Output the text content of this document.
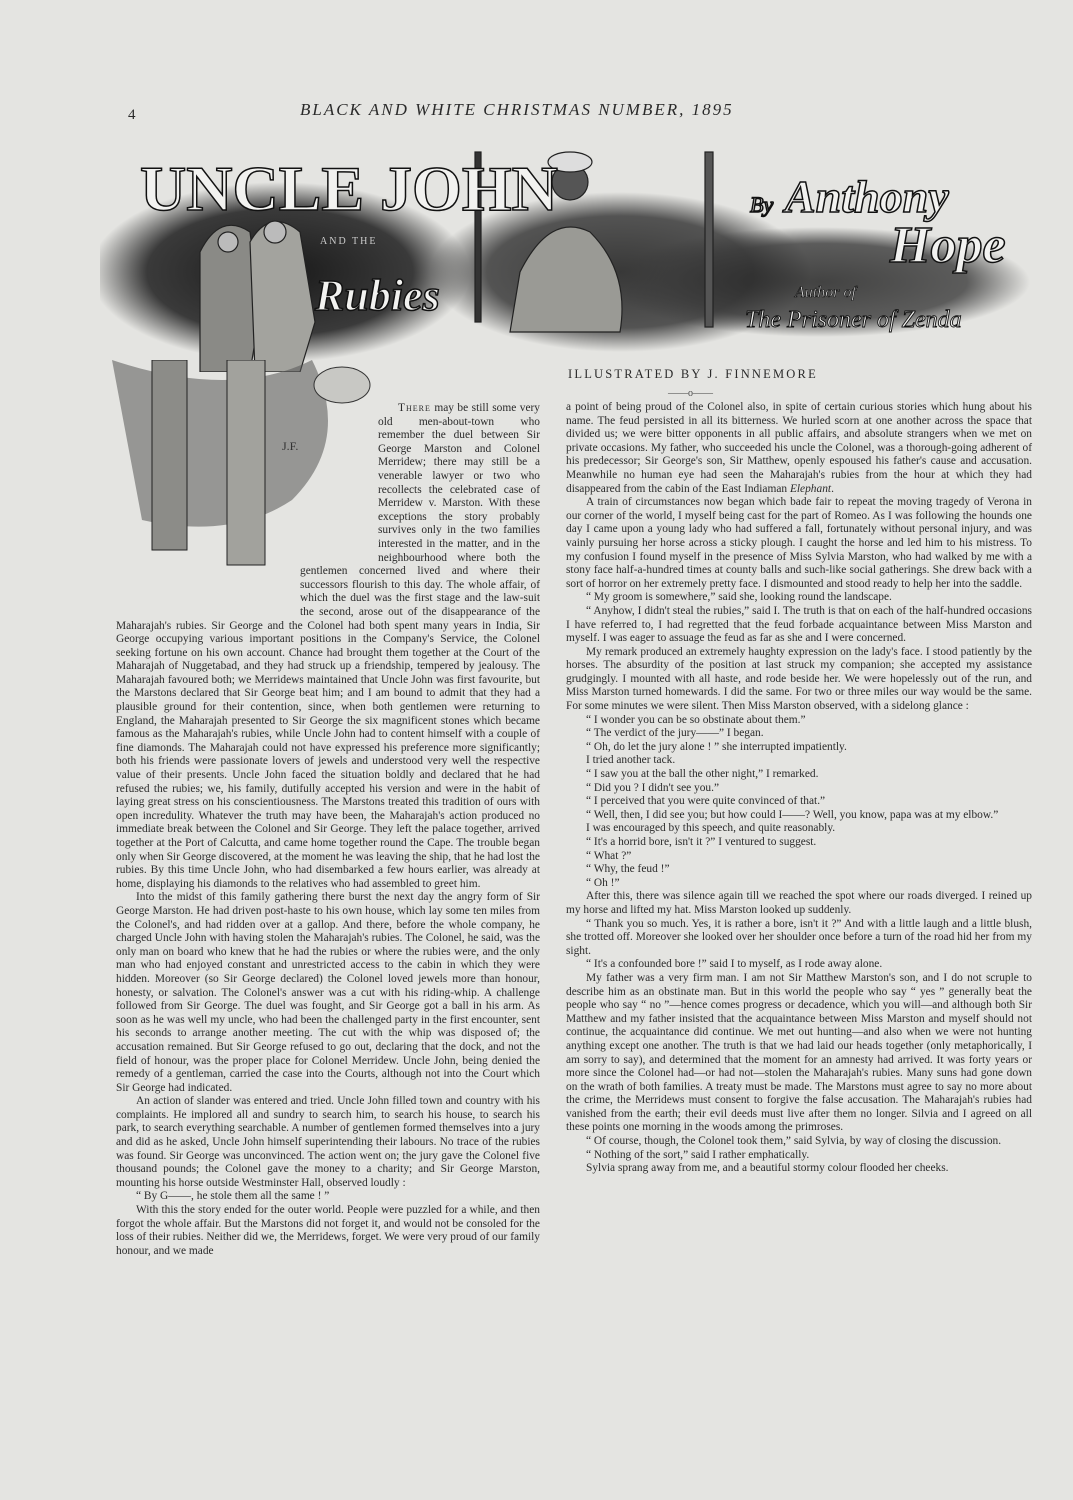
4	BLACK AND WHITE CHRISTMAS NUMBER, 1895
UNCLE JOHN
AND THE
Rubies
By Anthony
Hope
Author of
The Prisoner of Zenda
J.F.
ILLUSTRATED BY J. FINNEMORE
——o——

There may be still some very old men-about-town who remember the duel between Sir George Marston and Colonel Merridew; there may still be a venerable lawyer or two who recollects the celebrated case of Merridew v. Marston. With these exceptions the story probably survives only in the two families interested in the matter, and in the neighbourhood where both the gentlemen concerned lived and where their successors flourish to this day. The whole affair, of which the duel was the first stage and the law-suit the second, arose out of the disappearance of the Maharajah's rubies. Sir George and the Colonel had both spent many years in India, Sir George occupying various important positions in the Company's Service, the Colonel seeking fortune on his own account. Chance had brought them together at the Court of the Maharajah of Nuggetabad, and they had struck up a friendship, tempered by jealousy. The Maharajah favoured both; we Merridews maintained that Uncle John was first favourite, but the Marstons declared that Sir George beat him; and I am bound to admit that they had a plausible ground for their contention, since, when both gentlemen were returning to England, the Maharajah presented to Sir George the six magnificent stones which became famous as the Maharajah's rubies, while Uncle John had to content himself with a couple of fine diamonds. The Maharajah could not have expressed his preference more significantly; both his friends were passionate lovers of jewels and understood very well the respective value of their presents. Uncle John faced the situation boldly and declared that he had refused the rubies; we, his family, dutifully accepted his version and were in the habit of laying great stress on his conscientiousness. The Marstons treated this tradition of ours with open incredulity. Whatever the truth may have been, the Maharajah's action produced no immediate break between the Colonel and Sir George. They left the palace together, arrived together at the Port of Calcutta, and came home together round the Cape. The trouble began only when Sir George discovered, at the moment he was leaving the ship, that he had lost the rubies. By this time Uncle John, who had disembarked a few hours earlier, was already at home, displaying his diamonds to the relatives who had assembled to greet him.

Into the midst of this family gathering there burst the next day the angry form of Sir George Marston. He had driven post-haste to his own house, which lay some ten miles from the Colonel's, and had ridden over at a gallop. And there, before the whole company, he charged Uncle John with having stolen the Maharajah's rubies. The Colonel, he said, was the only man on board who knew that he had the rubies or where the rubies were, and the only man who had enjoyed constant and unrestricted access to the cabin in which they were hidden. Moreover (so Sir George declared) the Colonel loved jewels more than honour, honesty, or salvation. The Colonel's answer was a cut with his riding-whip. A challenge followed from Sir George. The duel was fought, and Sir George got a ball in his arm. As soon as he was well my uncle, who had been the challenged party in the first encounter, sent his seconds to arrange another meeting. The cut with the whip was disposed of; the accusation remained. But Sir George refused to go out, declaring that the dock, and not the field of honour, was the proper place for Colonel Merridew. Uncle John, being denied the remedy of a gentleman, carried the case into the Courts, although not into the Court which Sir George had indicated.

An action of slander was entered and tried. Uncle John filled town and country with his complaints. He implored all and sundry to search him, to search his house, to search his park, to search everything searchable. A number of gentlemen formed themselves into a jury and did as he asked, Uncle John himself superintending their labours. No trace of the rubies was found. Sir George was unconvinced. The action went on; the jury gave the Colonel five thousand pounds; the Colonel gave the money to a charity; and Sir George Marston, mounting his horse outside Westminster Hall, observed loudly :

“ By G——, he stole them all the same ! ”

With this the story ended for the outer world. People were puzzled for a while, and then forgot the whole affair. But the Marstons did not forget it, and would not be consoled for the loss of their rubies. Neither did we, the Merridews, forget. We were very proud of our family honour, and we made

a point of being proud of the Colonel also, in spite of certain curious stories which hung about his name. The feud persisted in all its bitterness. We hurled scorn at one another across the space that divided us; we were bitter opponents in all public affairs, and absolute strangers when we met on private occasions. My father, who succeeded his uncle the Colonel, was a thorough-going adherent of his predecessor; Sir George's son, Sir Matthew, openly espoused his father's cause and accusation. Meanwhile no human eye had seen the Maharajah's rubies from the hour at which they had disappeared from the cabin of the East Indiaman Elephant.

A train of circumstances now began which bade fair to repeat the moving tragedy of Verona in our corner of the world, I myself being cast for the part of Romeo. As I was following the hounds one day I came upon a young lady who had suffered a fall, fortunately without personal injury, and was vainly pursuing her horse across a sticky plough. I caught the horse and led him to his mistress. To my confusion I found myself in the presence of Miss Sylvia Marston, who had walked by me with a stony face half-a-hundred times at county balls and such-like social gatherings. She drew back with a sort of horror on her extremely pretty face. I dismounted and stood ready to help her into the saddle.

“ My groom is somewhere,” said she, looking round the landscape.

“ Anyhow, I didn't steal the rubies,” said I. The truth is that on each of the half-hundred occasions I have referred to, I had regretted that the feud forbade acquaintance between Miss Marston and myself. I was eager to assuage the feud as far as she and I were concerned.

My remark produced an extremely haughty expression on the lady's face. I stood patiently by the horses. The absurdity of the position at last struck my companion; she accepted my assistance grudgingly. I mounted with all haste, and rode beside her. We were hopelessly out of the run, and Miss Marston turned homewards. I did the same. For two or three miles our way would be the same. For some minutes we were silent. Then Miss Marston observed, with a sidelong glance :

“ I wonder you can be so obstinate about them.”

“ The verdict of the jury——” I began.

“ Oh, do let the jury alone ! ” she interrupted impatiently.

I tried another tack.

“ I saw you at the ball the other night,” I remarked.

“ Did you ? I didn't see you.”

“ I perceived that you were quite convinced of that.”

“ Well, then, I did see you; but how could I——? Well, you know, papa was at my elbow.”

I was encouraged by this speech, and quite reasonably.

“ It's a horrid bore, isn't it ?” I ventured to suggest.

“ What ?”

“ Why, the feud !”

“ Oh !”

After this, there was silence again till we reached the spot where our roads diverged. I reined up my horse and lifted my hat. Miss Marston looked up suddenly.

“ Thank you so much. Yes, it is rather a bore, isn't it ?” And with a little laugh and a little blush, she trotted off. Moreover she looked over her shoulder once before a turn of the road hid her from my sight.

“ It's a confounded bore !” said I to myself, as I rode away alone.

My father was a very firm man. I am not Sir Matthew Marston's son, and I do not scruple to describe him as an obstinate man. But in this world the people who say “ yes ” generally beat the people who say “ no ”—hence comes progress or decadence, which you will—and although both Sir Matthew and my father insisted that the acquaintance between Miss Marston and myself should not continue, the acquaintance did continue. We met out hunting—and also when we were not hunting anything except one another. The truth is that we had laid our heads together (only metaphorically, I am sorry to say), and determined that the moment for an amnesty had arrived. It was forty years or more since the Colonel had—or had not—stolen the Maharajah's rubies. Many suns had gone down on the wrath of both families. A treaty must be made. The Marstons must agree to say no more about the crime, the Merridews must consent to forgive the false accusation. The Maharajah's rubies had vanished from the earth; their evil deeds must live after them no longer. Silvia and I agreed on all these points one morning in the woods among the primroses.

“ Of course, though, the Colonel took them,” said Sylvia, by way of closing the discussion.

“ Nothing of the sort,” said I rather emphatically.

Sylvia sprang away from me, and a beautiful stormy colour flooded her cheeks.
